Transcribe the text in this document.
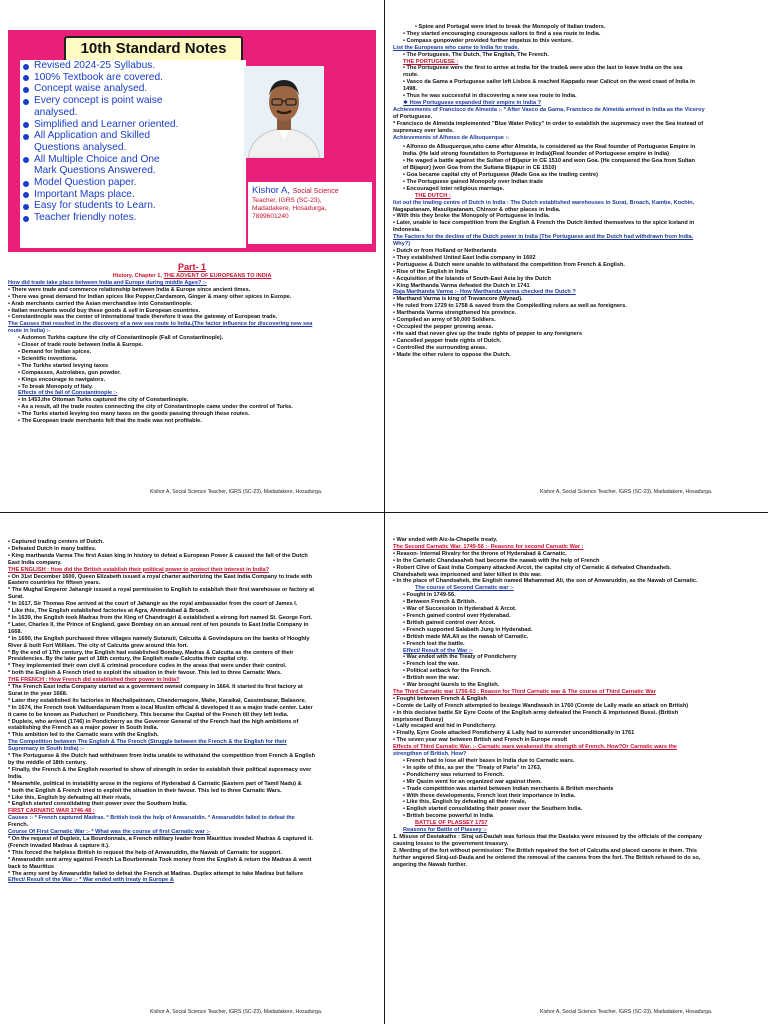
10th Standard Notes
Revised 2024-25 Syllabus.
100% Textbook are covered.
Concept waise analysed.
Every concept is point waise
analysed.
Simplified and Learner oriented.
All Application and Skilled
Questions analysed.
All Multiple Choice and One
Mark Questions Answered.
Model Question paper.
Important Maps place.
Easy for students to Learn.
Teacher friendly notes.
Kishor A, Social Science
Teacher, IGRS (SC-23),
Madadakere, Hosadurga,
7899601240
Part- 1
History, Chapter 1, THE ADVENT OF EUROPEANS TO INDIA
How did trade take place between India and Europe during middle Ages? :-
• There were trade and commerce relationship between India & Europe since ancient times.
• There was great demand for Indian spices like Pepper,Cardamom, Ginger & many other spices in Europe.
• Arab merchants carried the Asian merchandise into Constantinople.
• Italian merchants would buy these goods & sell in European countries.
• Constantinople was the center of international trade therefore it was the gateway of European trade.
The Causes that resulted in the discovery of a new sea route to India.(The factor influence for discovering new sea
route in India) :-
• Automon Turkhs capture the city of Constantinople (Fall of Constantinople).
• Closer of trade route between India & Europe.
• Demand for Indian spices.
• Scientific inventions.
• The Turkhs started levying taxes
• Compasses, Astrolabes, gun powder.
• Kings encourage to navigators.
• To break Monopoly of Italy.
Effects of the fall of Constantinople :-
• In 1453,the Ottoman Turks captured the city of Constantinople.
• As a result, all the trade routes connecting the city of Constantinople came under the control of Turks.
• The Turks started levying too many taxes on the goods passing through these routes.
• The European trade merchants felt that the trade was not profitable.
Kishor A, Social Science Teacher, IGRS (SC-23), Madadakere, Hosadurga.
• Spine and Portugal were tried to break the Monopoly of Italian traders.
• They started encouraging courageous sailors to find a sea route to India.
• Compass gunpowder provided further impetus to this venture.
List the Europeans who came to India for trade.
• The Portuguese, The Dutch, The English, The French.
THE PORTUGUESE :
• The Portuguese were the first to arrive at India for the trade& were also the last to leave India on the sea
route.
• Vasco da Gama a Portuguese sailor left Lisbos & reached Kappadu near Calicut on the west coast of India in
1498.
• Thus he was successful in discovering a new sea route to India.
❖ How Portuguese expanded their empire in India ?
Achievements of Francisco de Almeida :- * After Vasco da Gama, Francisco de Almeida arrived in India as the Viceroy
of Portuguese.
* Francisco de Almeida implemented "Blue Water Policy" in order to establish the supremacy over the Sea instead of
supremacy over lands.
Achievements of Alfonso de Albuquerque :-
• Alfonso de Albuquerque,who came after Almeida, is considered as the Real founder of Portuguese Empire in
India. (He laid strong foundation to Portuguese in India)(Real founder of Portuguese empire in India)
• He waged a battle against the Sultan of Bijapur in CE 1510 and won Goa. (He conquered the Goa from Sultan
of Bijapur) (won Goa from the Sultana Bijapur in CE 1510)
• Goa became capital city of Portuguese (Made Goa as the trading centre)
• The Portuguese gained Monopoly over Indian trade
• Encouraged inter religious marriage.
THE DUTCH :
list out the trading centre of Dutch in India : The Dutch established warehouses in Surat, Broach, Kambe, Kochin,
Nagapatanam, Masulipatanam, Chinsor & other places in India.
• With this they broke the Monopoly of Portuguese in India.
• Later, unable to face competition from the English & French the Dutch limited themselves to the spice Iceland in
Indonesia.
The Factors for the decline of the Dutch power in India (The Portuguese and the Dutch had withdrawn from India.
Why?)
• Dutch or from Holland or Netherlands
• They established United East India company in 1602
• Portuguese & Dutch were unable to withstand the competition from French & English.
• Rise of the English in India
• Acquisition of the Islands of South-East Asia by the Dutch
• King Marthanda Varma defeated the Dutch in 1741
Raja Marthanda Varma :- How Marthanda varma checked the Dutch ?
• Marthand Varma is king of Travancore (Wynad).
• He ruled from 1729 to 1758 & saved from the Compiledling rulers as well as foreigners.
• Marthanda Varma strengthened his province.
• Compiled an army of 50,000 Soldiers.
• Occupied the pepper growing areas.
• He said that never give up the trade rights of pepper to any foreigners
• Cancelled pepper trade rights of Dutch.
• Controlled the surrounding areas.
• Made the other rulers to oppose the Dutch.
Kishor A, Social Science Teacher, IGRS (SC-23), Madadakere, Hosadurga.
• Captured trading centers of Dutch.
• Defeated Dutch in many battles.
• King marthanda Varma The first Asian king in history to defeat a European Power & caused the fall of the Dutch
East India company.
THE ENGLISH : How did the British establish their political power to protect their interest in India?
• On 31st December 1600, Queen Elizabeth issued a royal charter authorizing the East India Company to trade with
Eastern countries for fifteen years.
* The Mughal Emperor Jahangir issued a royal permission to English to establish their first warehouse or factory at
Surat.
* In 1617, Sir Thomas Roe arrived at the court of Jahangir as the royal ambassador from the court of James I.
* Like this, The English established factories at Agra, Ahmedabad & Broach.
* In 1639, the English took Madras from the King of Chandragiri & established a strong fort named St. George Fort.
* Later, Charles II, the Prince of England, gave Bombay on an annual rent of ten pounds to East India Company in
1668.
* In 1690, the English purchased three villages namely Sutanuti, Calcutta & Govindapura on the banks of Hooghly
River & built Fort William. The city of Calcutta grew around this fort.
* By the end of 17th century, the English had established Bombay, Madras & Calcutta as the centers of their
Presidencies. By the later part of 18th century, the English made Calcutta their capital city.
* They implemented their own civil & criminal procedure codes in the areas that were under their control.
* both the English & French tried to exploit the situation in their favour. This led to three Carnatic Wars.
THE FRENCH : How French did established their power in India?
* The French East India Company started as a government owned company in 1664. It started its first factory at
Surat in the year 1668.
* Later they established its factories in Machalipatinam, Chandernagore, Mahe, Karaikal, Cassimbazar, Balasore.
* In 1674, the French took Valikandapuram from a local Muslim official & developed it as a major trade center. Later
it came to be known as Puducheri or Pondichery. This became the Capital of the French till they left India.
* Dupleix, who arrived (1746) in Pondicherry as the Governor General of the French had the high ambitions of
establishing the French as a major power in South India.
* This ambition led to the Carnatic wars with the English.
The Competition between The English & The French (Struggle between the French & the English for their
Supremacy in South India) :-
* The Portuguese & the Dutch had withdrawn from India unable to withstand the competition from French & English
by the middle of 18th century.
* Finally, the French & the English resorted to show of strength in order to establish their political supremacy over
India.
* Meanwhile, political in instability arose in the regions of Hyderabad & Carnatic (Eastern part of Tamil Nadu) &
* both the English & French tried to exploit the situation in their favour. This led to three Carnatic Wars.
* Like this, English by defeating all their rivals,
* English started consolidating their power over the Southern India.
FIRST CARNATIC WAR 1746-48 :
Causes :- * French captured Madras. * British took the help of Anwaruddin. * Anwaruddin failed to defeat the
French.
Course Of First Carnatic War :- * What was the course of first Carnatic war :-
* On the request of Dupleix, La Bourdonnais, a French military leader from Mauritius invaded Madras & captured it.
(French invaded Madras & capture it.).
* This forced the helpless British to request the help of Anwaruddin, the Nawab of Carnatic for support.
* Anwaruddin sent army against French La Bourbonnais Took money from the English & return the Madras & went
back to Mauritius
* The army sent by Anwaruddin failed to defeat the French at Madras. Duplex attempt to take Madras but failure
Effect/ Result of the War :- * War ended with treaty in Europe &
Kishor A, Social Science Teacher, IGRS (SC-23), Madadakere, Hosadurga.
• War ended with Aix-la-Chapelle treaty.
The Second Carnatic War. 1749-56 :- Reasons for second Carnatic War :
• Reason- Internal Rivalry for the throne of Hyderabad & Carnatic.
• In the Carnatic Chandasaheb had become the nawab with the help of French
• Robert Clive of East India Company attacked Arcot, the capital city of Carnatic & defeated Chandsaheb.
Chandsaheb was imprisoned and later killed in this war.
• In the place of Chandsaheb, the English named Mahammad Ali, the son of Anwaruddin, as the Nawab of Carnatic.
The course of Second Carnatic war :-
• Fought in 1749-56.
• Between French & British.
• War of Succession in Hyderabad & Arcot.
• French gained control over Hyderabad.
• British gained control over Arcot.
• French supported Salabath Jung in Hyderabad.
• British made MA.Ali as the nawab of Carnatic.
• French lost the battle.
Effect/ Result of the War :-
• War ended with the Treaty of Pondicherry
• French lost the war.
• Political setback for the French.
• British won the war.
• War brought laurels to the English.
The Third Carnatic war 1756-63 : Reason for Third Carnatic war & The course of Third Carnatic War
• Fought between French & English
• Comte de Lally of French attempted to besiege Wandiwash in 1760 (Comte de Lally made an attack on British)
• In this decisive battle Sir Eyre Coote of the English army defeated the French & imprisoned Bussi. (British
imprisoned Bussy)
• Lally escaped and hid in Pondicherry.
• Finally, Eyre Coote attacked Pondicherry & Lally had to surrender unconditionally in 1761
• The seven year war between British and French in Europe result
Effects of Third Carnatic War. :- Carnatic wars weakened the strength of French. How?Or Carnatic wars the
strengthen of British. How?
• French had to lose all their bases in India due to Carnatic wars.
• In spite of this, as per the "Treaty of Paris" in 1763,
• Pondicherry was returned to French.
• Mir Qasim went for an organized war against them.
• Trade competition was started between Indian merchants & British merchants
• With these developments, French lost their importance in India.
• Like this, English by defeating all their rivals,
• English started consolidating their power over the Southern India.
• British become powerful in India
BATTLE OF PLASSEY 1757
Reasons for Battle of Plassey :-
1. Misuse of Dastakaths : Siraj ud-Daulah was furious that the Dastaks were misused by the officials of the company
causing losses to the government treasury.
2. Merding of the fort without permission: The British repaired the fort of Calcutta and placed canons in them. This
further angered Siraj-ud-Daula and he ordered the removal of the canons from the fort. The British refused to do so,
angering the Nawab further.
Kishor A, Social Science Teacher, IGRS (SC-23), Madadakere, Hosadurga.
